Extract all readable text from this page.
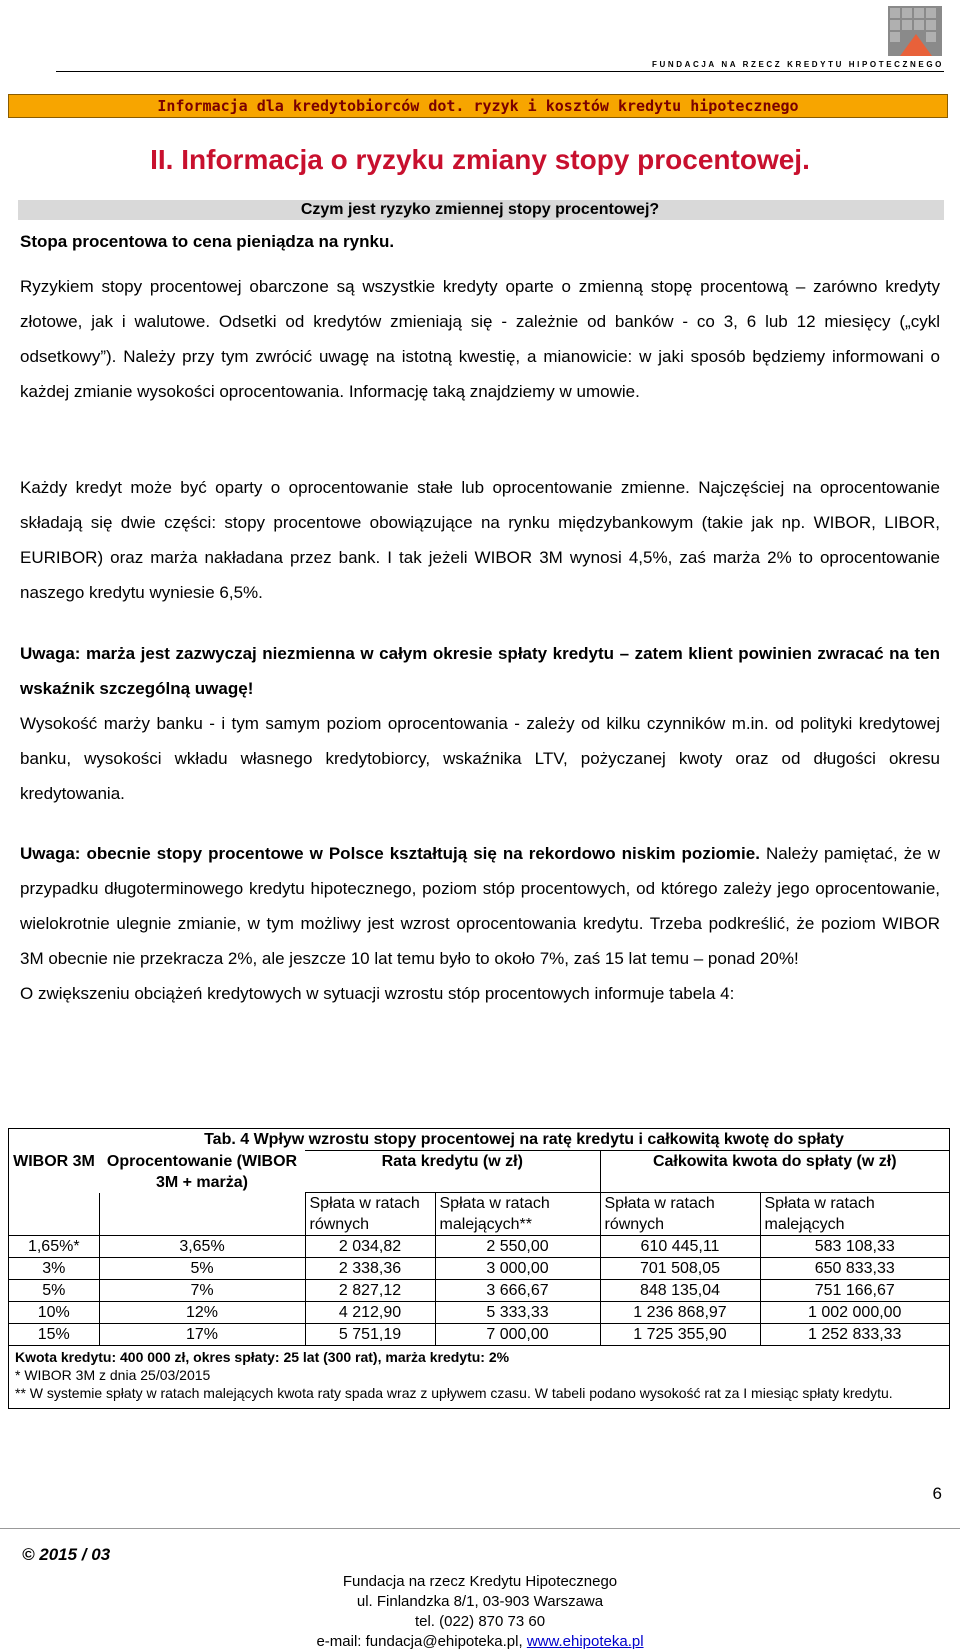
FUNDACJA NA RZECZ KREDYTU HIPOTECZNEGO
Informacja dla kredytobiorców dot. ryzyk i kosztów kredytu hipotecznego
II. Informacja o ryzyku zmiany stopy procentowej.
Czym jest ryzyko zmiennej stopy procentowej?
Stopa procentowa to cena pieniądza na rynku.
Ryzykiem stopy procentowej obarczone są wszystkie kredyty oparte o zmienną stopę procentową – zarówno kredyty złotowe, jak i walutowe. Odsetki od kredytów zmieniają się - zależnie od banków - co 3, 6 lub 12 miesięcy („cykl odsetkowy”). Należy przy tym zwrócić uwagę na istotną kwestię, a mianowicie: w jaki sposób będziemy informowani o każdej zmianie wysokości oprocentowania. Informację taką znajdziemy w umowie.
Każdy kredyt może być oparty o oprocentowanie stałe lub oprocentowanie zmienne. Najczęściej na oprocentowanie składają się dwie części: stopy procentowe obowiązujące na rynku międzybankowym (takie jak np. WIBOR, LIBOR, EURIBOR) oraz marża nakładana przez bank. I tak jeżeli WIBOR 3M wynosi 4,5%, zaś marża 2% to oprocentowanie naszego kredytu wyniesie 6,5%.
Uwaga: marża jest zazwyczaj niezmienna w całym okresie spłaty kredytu – zatem klient powinien zwracać na ten wskaźnik szczególną uwagę!
Wysokość marży banku - i tym samym poziom oprocentowania - zależy od kilku czynników m.in. od polityki kredytowej banku, wysokości wkładu własnego kredytobiorcy, wskaźnika LTV, pożyczanej kwoty oraz od długości okresu kredytowania.
Uwaga: obecnie stopy procentowe w Polsce kształtują się na rekordowo niskim poziomie. Należy pamiętać, że w przypadku długoterminowego kredytu hipotecznego, poziom stóp procentowych, od którego zależy jego oprocentowanie, wielokrotnie ulegnie zmianie, w tym możliwy jest wzrost oprocentowania kredytu. Trzeba podkreślić, że poziom WIBOR 3M obecnie nie przekracza 2%, ale jeszcze 10 lat temu było to około 7%, zaś 15 lat temu – ponad 20%!
O zwiększeniu obciążeń kredytowych w sytuacji wzrostu stóp procentowych informuje tabela 4:
	Tab. 4 Wpływ wzrostu stopy procentowej na ratę kredytu i całkowitą kwotę do spłaty				
WIBOR 3M	Oprocentowanie (WIBOR 3M + marża)	Rata kredytu (w zł)		Całkowita kwota do spłaty (w zł)	
		Spłata w ratach równych	Spłata w ratach malejących**	Spłata w ratach równych	Spłata w ratach malejących
1,65%*	3,65%	2 034,82	2 550,00	610 445,11	583 108,33
3%	5%	2 338,36	3 000,00	701 508,05	650 833,33
5%	7%	2 827,12	3 666,67	848 135,04	751 166,67
10%	12%	4 212,90	5 333,33	1 236 868,97	1 002 000,00
15%	17%	5 751,19	7 000,00	1 725 355,90	1 252 833,33
Kwota kredytu: 400 000 zł, okres spłaty: 25 lat (300 rat), marża kredytu: 2%
* WIBOR 3M z dnia 25/03/2015
** W systemie spłaty w ratach malejących kwota raty spada wraz z upływem czasu. W tabeli podano wysokość rat za I miesiąc spłaty kredytu.
6
© 2015 / 03
Fundacja na rzecz Kredytu Hipotecznego
ul. Finlandzka 8/1, 03-903 Warszawa
tel. (022) 870 73 60
e-mail: fundacja@ehipoteka.pl, www.ehipoteka.pl
